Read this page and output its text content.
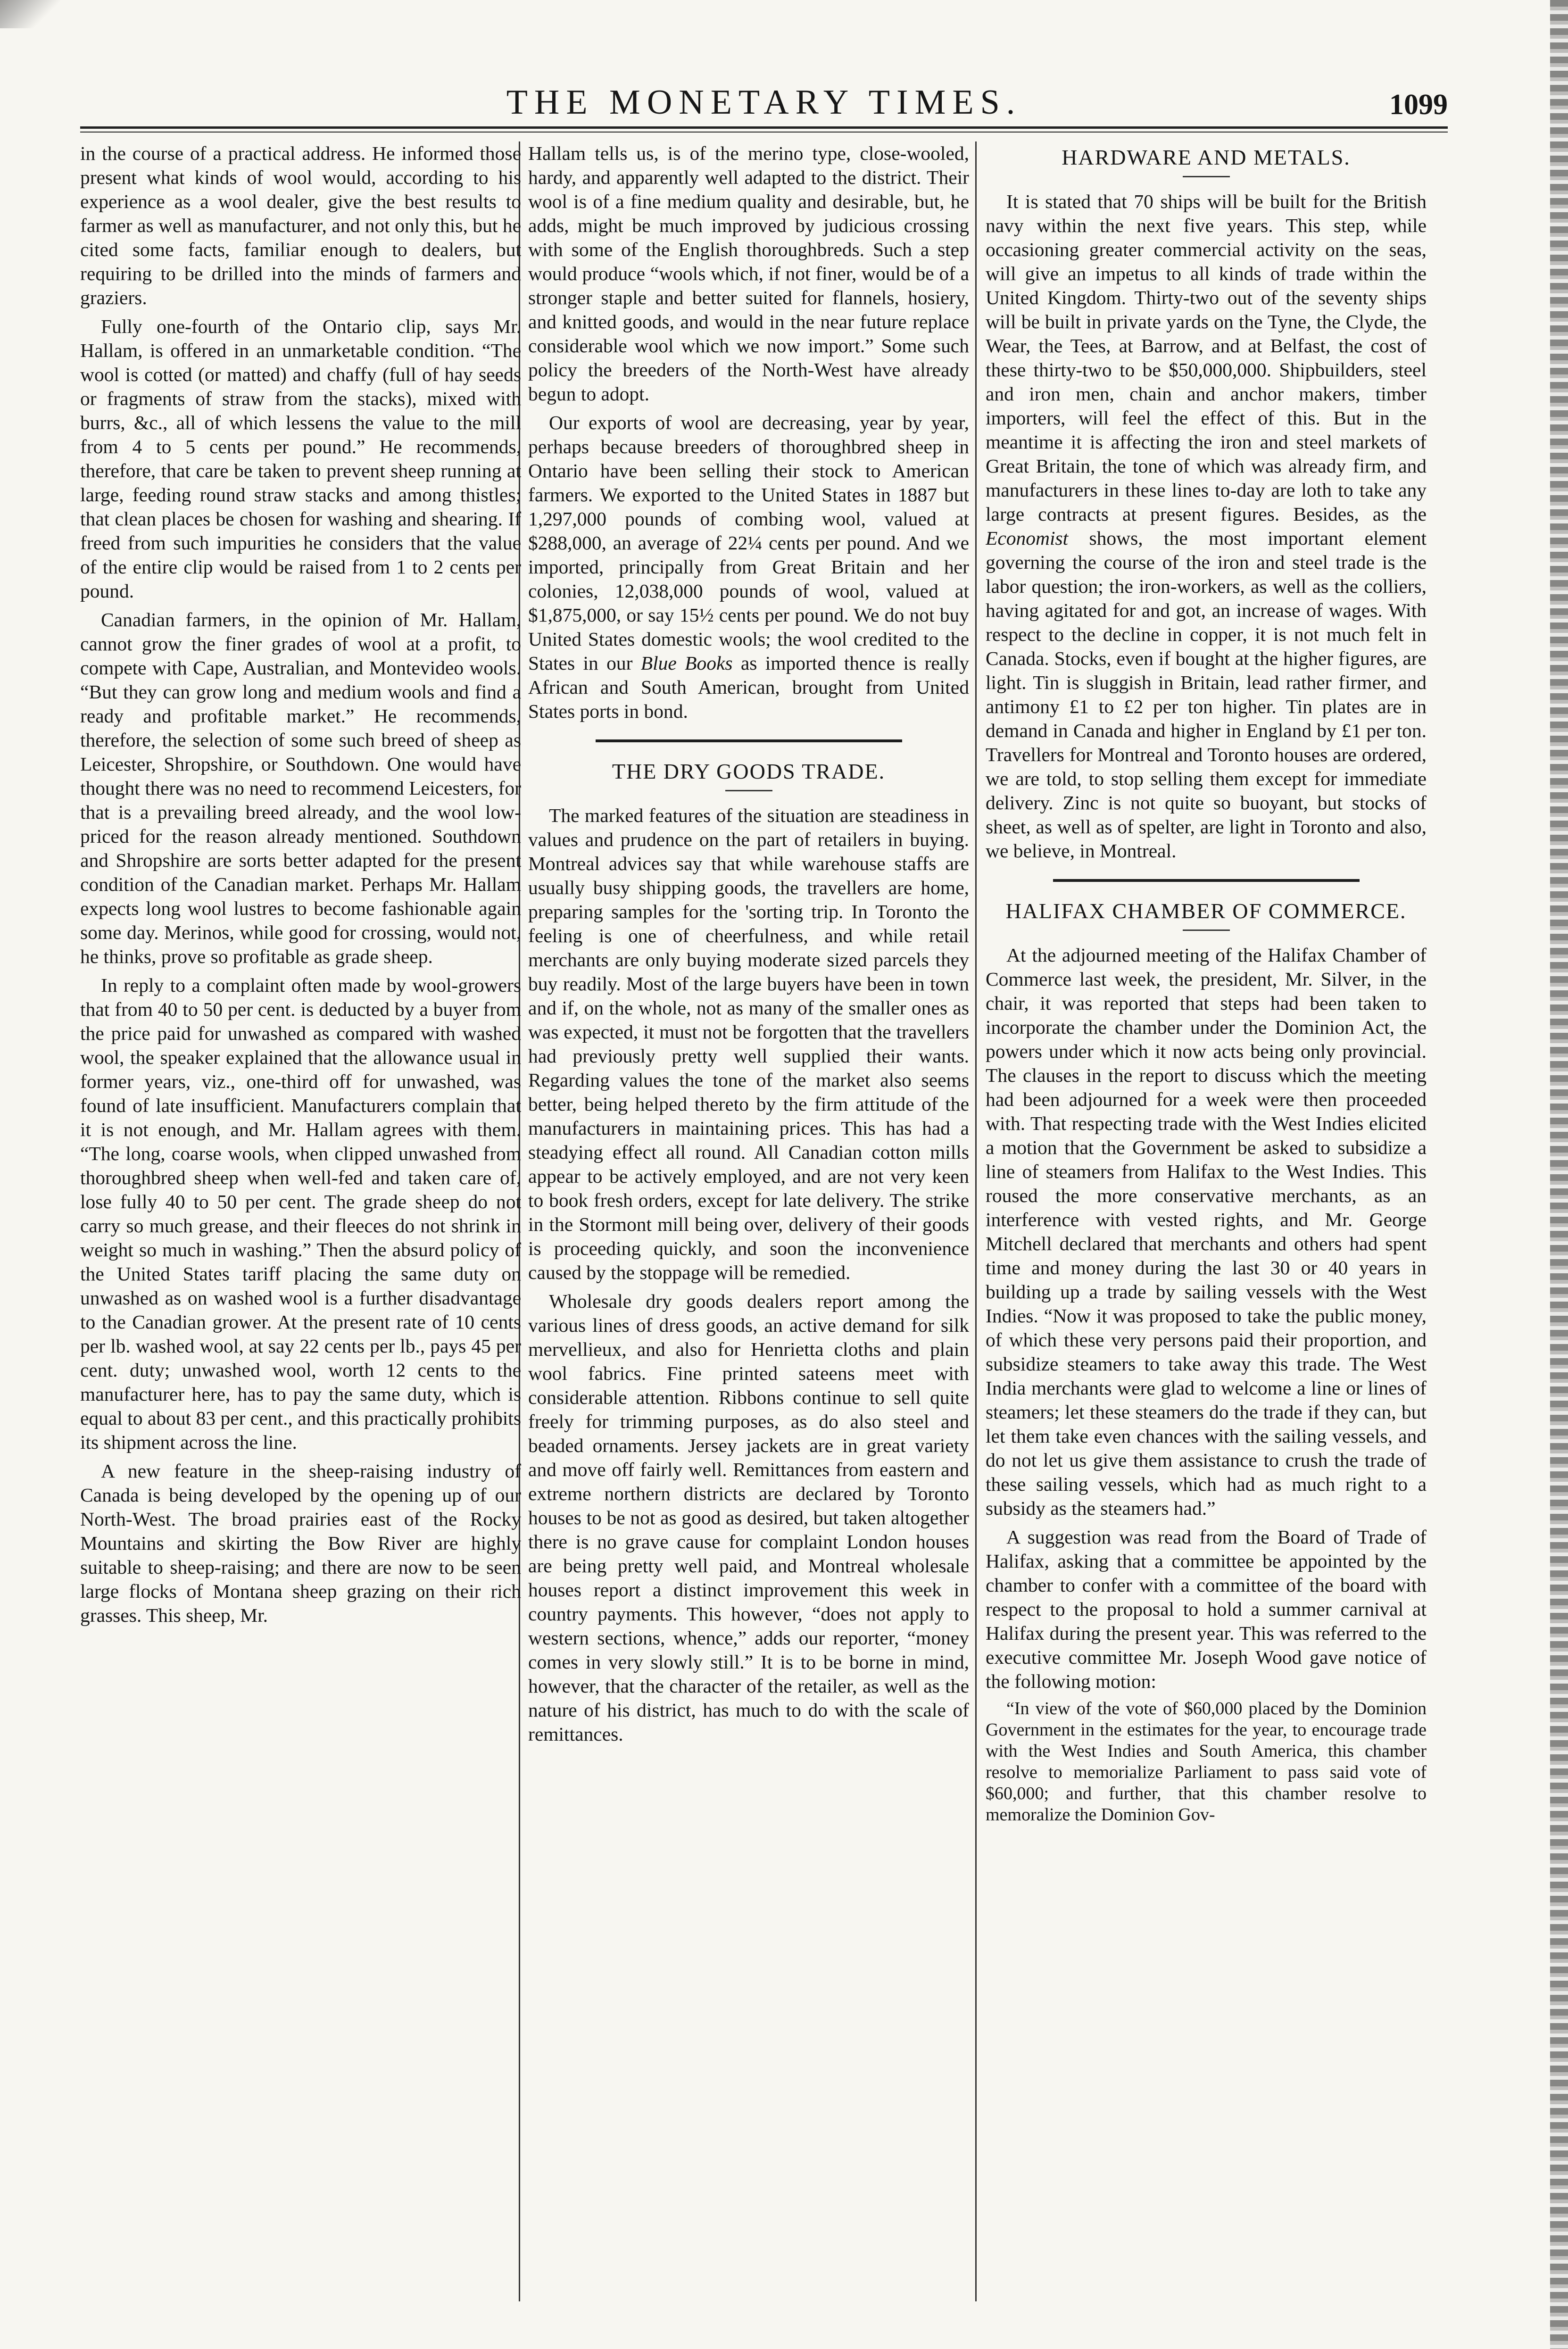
THE MONETARY TIMES.	1099

in the course of a practical address. He informed those present what kinds of wool would, according to his experience as a wool dealer, give the best results to farmer as well as manufacturer, and not only this, but he cited some facts, familiar enough to dealers, but requiring to be drilled into the minds of farmers and graziers.

Fully one-fourth of the Ontario clip, says Mr. Hallam, is offered in an unmarketable condition. “The wool is cotted (or matted) and chaffy (full of hay seeds or fragments of straw from the stacks), mixed with burrs, &c., all of which lessens the value to the mill from 4 to 5 cents per pound.” He recommends, therefore, that care be taken to prevent sheep running at large, feeding round straw stacks and among thistles; that clean places be chosen for washing and shearing. If freed from such impurities he considers that the value of the entire clip would be raised from 1 to 2 cents per pound.

Canadian farmers, in the opinion of Mr. Hallam, cannot grow the finer grades of wool at a profit, to compete with Cape, Australian, and Montevideo wools. “But they can grow long and medium wools and find a ready and profitable market.” He recommends, therefore, the selection of some such breed of sheep as Leicester, Shropshire, or Southdown. One would have thought there was no need to recommend Leicesters, for that is a prevailing breed already, and the wool low-priced for the reason already mentioned. Southdown and Shropshire are sorts better adapted for the present condition of the Canadian market. Perhaps Mr. Hallam expects long wool lustres to become fashionable again some day. Merinos, while good for crossing, would not, he thinks, prove so profitable as grade sheep.

In reply to a complaint often made by wool-growers that from 40 to 50 per cent. is deducted by a buyer from the price paid for unwashed as compared with washed wool, the speaker explained that the allowance usual in former years, viz., one-third off for unwashed, was found of late insufficient. Manufacturers complain that it is not enough, and Mr. Hallam agrees with them. “The long, coarse wools, when clipped unwashed from thoroughbred sheep when well-fed and taken care of, lose fully 40 to 50 per cent. The grade sheep do not carry so much grease, and their fleeces do not shrink in weight so much in washing.” Then the absurd policy of the United States tariff placing the same duty on unwashed as on washed wool is a further disadvantage to the Canadian grower. At the present rate of 10 cents per lb. washed wool, at say 22 cents per lb., pays 45 per cent. duty; unwashed wool, worth 12 cents to the manufacturer here, has to pay the same duty, which is equal to about 83 per cent., and this practically prohibits its shipment across the line.

A new feature in the sheep-raising industry of Canada is being developed by the opening up of our North-West. The broad prairies east of the Rocky Mountains and skirting the Bow River are highly suitable to sheep-raising; and there are now to be seen large flocks of Montana sheep grazing on their rich grasses. This sheep, Mr.

Hallam tells us, is of the merino type, close-wooled, hardy, and apparently well adapted to the district. Their wool is of a fine medium quality and desirable, but, he adds, might be much improved by judicious crossing with some of the English thoroughbreds. Such a step would produce “wools which, if not finer, would be of a stronger staple and better suited for flannels, hosiery, and knitted goods, and would in the near future replace considerable wool which we now import.” Some such policy the breeders of the North-West have already begun to adopt.

Our exports of wool are decreasing, year by year, perhaps because breeders of thoroughbred sheep in Ontario have been selling their stock to American farmers. We exported to the United States in 1887 but 1,297,000 pounds of combing wool, valued at $288,000, an average of 22¼ cents per pound. And we imported, principally from Great Britain and her colonies, 12,038,000 pounds of wool, valued at $1,875,000, or say 15½ cents per pound. We do not buy United States domestic wools; the wool credited to the States in our Blue Books as imported thence is really African and South American, brought from United States ports in bond.

THE DRY GOODS TRADE.

The marked features of the situation are steadiness in values and prudence on the part of retailers in buying. Montreal advices say that while warehouse staffs are usually busy shipping goods, the travellers are home, preparing samples for the 'sorting trip. In Toronto the feeling is one of cheerfulness, and while retail merchants are only buying moderate sized parcels they buy readily. Most of the large buyers have been in town and if, on the whole, not as many of the smaller ones as was expected, it must not be forgotten that the travellers had previously pretty well supplied their wants. Regarding values the tone of the market also seems better, being helped thereto by the firm attitude of the manufacturers in maintaining prices. This has had a steadying effect all round. All Canadian cotton mills appear to be actively employed, and are not very keen to book fresh orders, except for late delivery. The strike in the Stormont mill being over, delivery of their goods is proceeding quickly, and soon the inconvenience caused by the stoppage will be remedied.

Wholesale dry goods dealers report among the various lines of dress goods, an active demand for silk mervellieux, and also for Henrietta cloths and plain wool fabrics. Fine printed sateens meet with considerable attention. Ribbons continue to sell quite freely for trimming purposes, as do also steel and beaded ornaments. Jersey jackets are in great variety and move off fairly well. Remittances from eastern and extreme northern districts are declared by Toronto houses to be not as good as desired, but taken altogether there is no grave cause for complaint London houses are being pretty well paid, and Montreal wholesale houses report a distinct improvement this week in country payments. This however, “does not apply to western sections, whence,” adds our reporter, “money comes in very slowly still.” It is to be borne in mind, however, that the character of the retailer, as well as the nature of his district, has much to do with the scale of remittances.

HARDWARE AND METALS.

It is stated that 70 ships will be built for the British navy within the next five years. This step, while occasioning greater commercial activity on the seas, will give an impetus to all kinds of trade within the United Kingdom. Thirty-two out of the seventy ships will be built in private yards on the Tyne, the Clyde, the Wear, the Tees, at Barrow, and at Belfast, the cost of these thirty-two to be $50,000,000. Shipbuilders, steel and iron men, chain and anchor makers, timber importers, will feel the effect of this. But in the meantime it is affecting the iron and steel markets of Great Britain, the tone of which was already firm, and manufacturers in these lines to-day are loth to take any large contracts at present figures. Besides, as the Economist shows, the most important element governing the course of the iron and steel trade is the labor question; the iron-workers, as well as the colliers, having agitated for and got, an increase of wages. With respect to the decline in copper, it is not much felt in Canada. Stocks, even if bought at the higher figures, are light. Tin is sluggish in Britain, lead rather firmer, and antimony £1 to £2 per ton higher. Tin plates are in demand in Canada and higher in England by £1 per ton. Travellers for Montreal and Toronto houses are ordered, we are told, to stop selling them except for immediate delivery. Zinc is not quite so buoyant, but stocks of sheet, as well as of spelter, are light in Toronto and also, we believe, in Montreal.

HALIFAX CHAMBER OF COMMERCE.

At the adjourned meeting of the Halifax Chamber of Commerce last week, the president, Mr. Silver, in the chair, it was reported that steps had been taken to incorporate the chamber under the Dominion Act, the powers under which it now acts being only provincial. The clauses in the report to discuss which the meeting had been adjourned for a week were then proceeded with. That respecting trade with the West Indies elicited a motion that the Government be asked to subsidize a line of steamers from Halifax to the West Indies. This roused the more conservative merchants, as an interference with vested rights, and Mr. George Mitchell declared that merchants and others had spent time and money during the last 30 or 40 years in building up a trade by sailing vessels with the West Indies. “Now it was proposed to take the public money, of which these very persons paid their proportion, and subsidize steamers to take away this trade. The West India merchants were glad to welcome a line or lines of steamers; let these steamers do the trade if they can, but let them take even chances with the sailing vessels, and do not let us give them assistance to crush the trade of these sailing vessels, which had as much right to a subsidy as the steamers had.”

A suggestion was read from the Board of Trade of Halifax, asking that a committee be appointed by the chamber to confer with a committee of the board with respect to the proposal to hold a summer carnival at Halifax during the present year. This was referred to the executive committee Mr. Joseph Wood gave notice of the following motion:

“In view of the vote of $60,000 placed by the Dominion Government in the estimates for the year, to encourage trade with the West Indies and South America, this chamber resolve to memorialize Parliament to pass said vote of $60,000; and further, that this chamber resolve to memoralize the Dominion Gov-
